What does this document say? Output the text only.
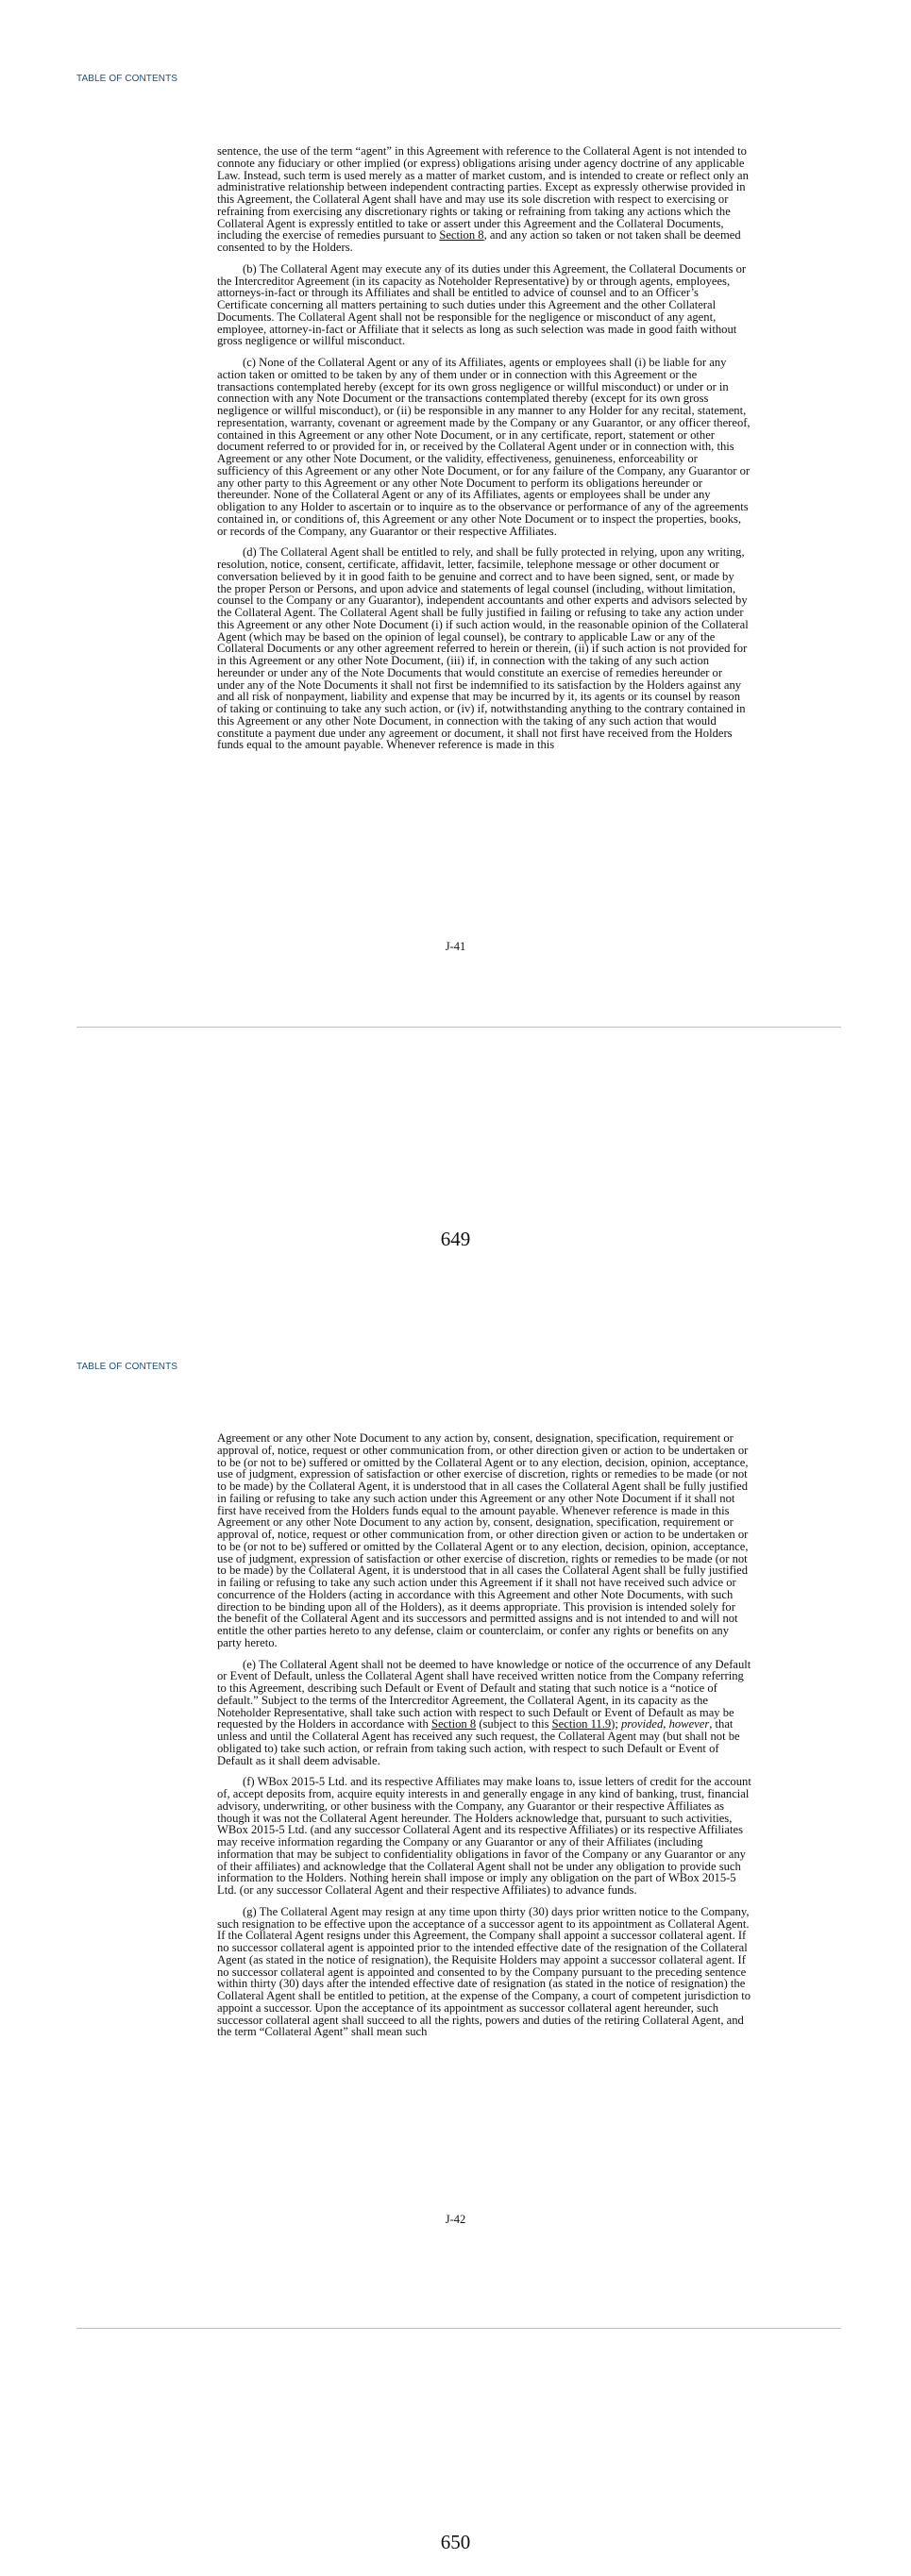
TABLE OF CONTENTS

sentence, the use of the term “agent” in this Agreement with reference to the Collateral Agent is not intended to connote any fiduciary or other implied (or express) obligations arising under agency doctrine of any applicable Law. Instead, such term is used merely as a matter of market custom, and is intended to create or reflect only an administrative relationship between independent contracting parties. Except as expressly otherwise provided in this Agreement, the Collateral Agent shall have and may use its sole discretion with respect to exercising or refraining from exercising any discretionary rights or taking or refraining from taking any actions which the Collateral Agent is expressly entitled to take or assert under this Agreement and the Collateral Documents, including the exercise of remedies pursuant to Section 8, and any action so taken or not taken shall be deemed consented to by the Holders.

(b) The Collateral Agent may execute any of its duties under this Agreement, the Collateral Documents or the Intercreditor Agreement (in its capacity as Noteholder Representative) by or through agents, employees, attorneys-in-fact or through its Affiliates and shall be entitled to advice of counsel and to an Officer’s Certificate concerning all matters pertaining to such duties under this Agreement and the other Collateral Documents. The Collateral Agent shall not be responsible for the negligence or misconduct of any agent, employee, attorney-in-fact or Affiliate that it selects as long as such selection was made in good faith without gross negligence or willful misconduct.

(c) None of the Collateral Agent or any of its Affiliates, agents or employees shall (i) be liable for any action taken or omitted to be taken by any of them under or in connection with this Agreement or the transactions contemplated hereby (except for its own gross negligence or willful misconduct) or under or in connection with any Note Document or the transactions contemplated thereby (except for its own gross negligence or willful misconduct), or (ii) be responsible in any manner to any Holder for any recital, statement, representation, warranty, covenant or agreement made by the Company or any Guarantor, or any officer thereof, contained in this Agreement or any other Note Document, or in any certificate, report, statement or other document referred to or provided for in, or received by the Collateral Agent under or in connection with, this Agreement or any other Note Document, or the validity, effectiveness, genuineness, enforceability or sufficiency of this Agreement or any other Note Document, or for any failure of the Company, any Guarantor or any other party to this Agreement or any other Note Document to perform its obligations hereunder or thereunder. None of the Collateral Agent or any of its Affiliates, agents or employees shall be under any obligation to any Holder to ascertain or to inquire as to the observance or performance of any of the agreements contained in, or conditions of, this Agreement or any other Note Document or to inspect the properties, books, or records of the Company, any Guarantor or their respective Affiliates.

(d) The Collateral Agent shall be entitled to rely, and shall be fully protected in relying, upon any writing, resolution, notice, consent, certificate, affidavit, letter, facsimile, telephone message or other document or conversation believed by it in good faith to be genuine and correct and to have been signed, sent, or made by the proper Person or Persons, and upon advice and statements of legal counsel (including, without limitation, counsel to the Company or any Guarantor), independent accountants and other experts and advisors selected by the Collateral Agent. The Collateral Agent shall be fully justified in failing or refusing to take any action under this Agreement or any other Note Document (i) if such action would, in the reasonable opinion of the Collateral Agent (which may be based on the opinion of legal counsel), be contrary to applicable Law or any of the Collateral Documents or any other agreement referred to herein or therein, (ii) if such action is not provided for in this Agreement or any other Note Document, (iii) if, in connection with the taking of any such action hereunder or under any of the Note Documents that would constitute an exercise of remedies hereunder or under any of the Note Documents it shall not first be indemnified to its satisfaction by the Holders against any and all risk of nonpayment, liability and expense that may be incurred by it, its agents or its counsel by reason of taking or continuing to take any such action, or (iv) if, notwithstanding anything to the contrary contained in this Agreement or any other Note Document, in connection with the taking of any such action that would constitute a payment due under any agreement or document, it shall not first have received from the Holders funds equal to the amount payable. Whenever reference is made in this

J-41
649
TABLE OF CONTENTS

Agreement or any other Note Document to any action by, consent, designation, specification, requirement or approval of, notice, request or other communication from, or other direction given or action to be undertaken or to be (or not to be) suffered or omitted by the Collateral Agent or to any election, decision, opinion, acceptance, use of judgment, expression of satisfaction or other exercise of discretion, rights or remedies to be made (or not to be made) by the Collateral Agent, it is understood that in all cases the Collateral Agent shall be fully justified in failing or refusing to take any such action under this Agreement or any other Note Document if it shall not first have received from the Holders funds equal to the amount payable. Whenever reference is made in this Agreement or any other Note Document to any action by, consent, designation, specification, requirement or approval of, notice, request or other communication from, or other direction given or action to be undertaken or to be (or not to be) suffered or omitted by the Collateral Agent or to any election, decision, opinion, acceptance, use of judgment, expression of satisfaction or other exercise of discretion, rights or remedies to be made (or not to be made) by the Collateral Agent, it is understood that in all cases the Collateral Agent shall be fully justified in failing or refusing to take any such action under this Agreement if it shall not have received such advice or concurrence of the Holders (acting in accordance with this Agreement and other Note Documents, with such direction to be binding upon all of the Holders), as it deems appropriate. This provision is intended solely for the benefit of the Collateral Agent and its successors and permitted assigns and is not intended to and will not entitle the other parties hereto to any defense, claim or counterclaim, or confer any rights or benefits on any party hereto.

(e) The Collateral Agent shall not be deemed to have knowledge or notice of the occurrence of any Default or Event of Default, unless the Collateral Agent shall have received written notice from the Company referring to this Agreement, describing such Default or Event of Default and stating that such notice is a “notice of default.” Subject to the terms of the Intercreditor Agreement, the Collateral Agent, in its capacity as the Noteholder Representative, shall take such action with respect to such Default or Event of Default as may be requested by the Holders in accordance with Section 8 (subject to this Section 11.9); provided, however, that unless and until the Collateral Agent has received any such request, the Collateral Agent may (but shall not be obligated to) take such action, or refrain from taking such action, with respect to such Default or Event of Default as it shall deem advisable.

(f) WBox 2015-5 Ltd. and its respective Affiliates may make loans to, issue letters of credit for the account of, accept deposits from, acquire equity interests in and generally engage in any kind of banking, trust, financial advisory, underwriting, or other business with the Company, any Guarantor or their respective Affiliates as though it was not the Collateral Agent hereunder. The Holders acknowledge that, pursuant to such activities, WBox 2015-5 Ltd. (and any successor Collateral Agent and its respective Affiliates) or its respective Affiliates may receive information regarding the Company or any Guarantor or any of their Affiliates (including information that may be subject to confidentiality obligations in favor of the Company or any Guarantor or any of their affiliates) and acknowledge that the Collateral Agent shall not be under any obligation to provide such information to the Holders. Nothing herein shall impose or imply any obligation on the part of WBox 2015-5 Ltd. (or any successor Collateral Agent and their respective Affiliates) to advance funds.

(g) The Collateral Agent may resign at any time upon thirty (30) days prior written notice to the Company, such resignation to be effective upon the acceptance of a successor agent to its appointment as Collateral Agent. If the Collateral Agent resigns under this Agreement, the Company shall appoint a successor collateral agent. If no successor collateral agent is appointed prior to the intended effective date of the resignation of the Collateral Agent (as stated in the notice of resignation), the Requisite Holders may appoint a successor collateral agent. If no successor collateral agent is appointed and consented to by the Company pursuant to the preceding sentence within thirty (30) days after the intended effective date of resignation (as stated in the notice of resignation) the Collateral Agent shall be entitled to petition, at the expense of the Company, a court of competent jurisdiction to appoint a successor. Upon the acceptance of its appointment as successor collateral agent hereunder, such successor collateral agent shall succeed to all the rights, powers and duties of the retiring Collateral Agent, and the term “Collateral Agent” shall mean such

J-42
650
